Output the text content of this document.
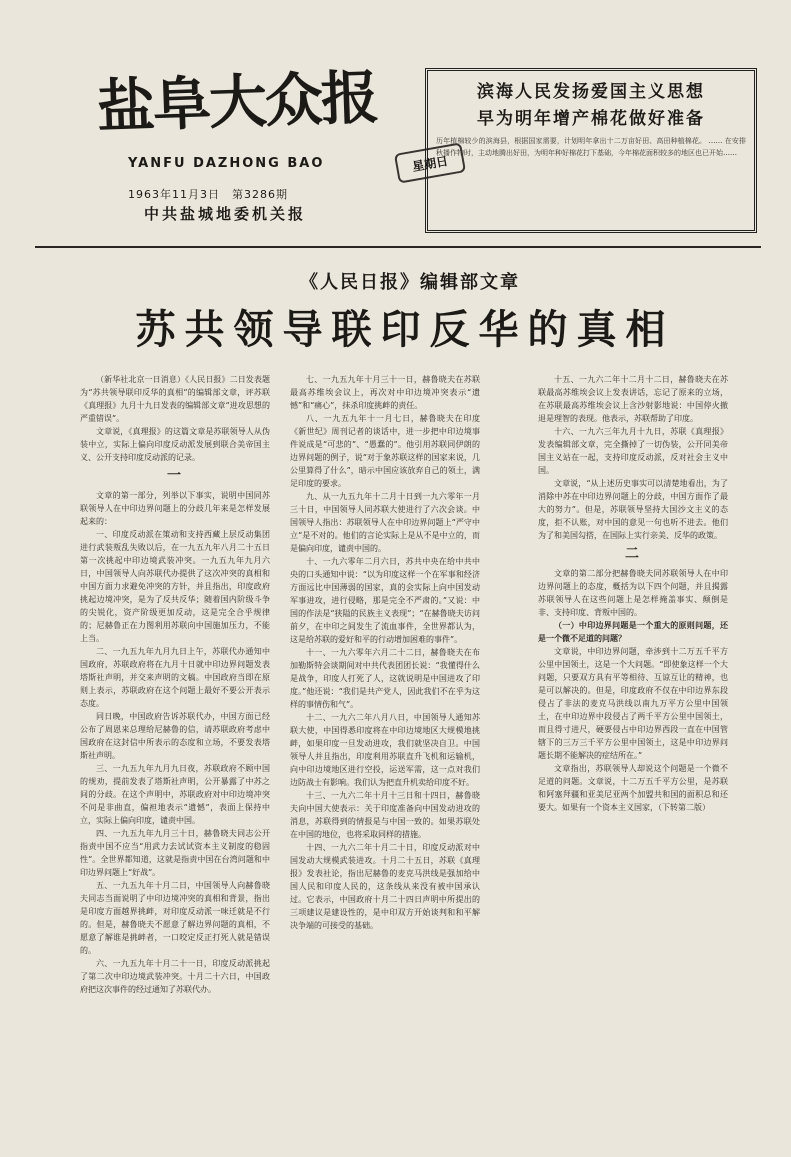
盐阜大众报
YANFU DAZHONG BAO	星期日
1963年11月3日　第3286期
中共盐城地委机关报
滨海人民发扬爱国主义思想
早为明年增产棉花做好准备
历年植棉较少的滨海县，根据国家需要，计划明年拿出十二万亩好田、高田种植棉花。 …… 在安排秋播作物时，主动地腾出好田，为明年种好棉花打下基础，今年棉花面积较多的地区也已开始……
《人民日报》编辑部文章
苏共领导联印反华的真相

（新华社北京一日消息）《人民日报》二日发表题为“苏共领导联印反华的真相”的编辑部文章，评苏联《真理报》九月十九日发表的编辑部文章“进攻思想的严重错误”。

文章说，《真理报》的这篇文章是苏联领导人从伪装中立，实际上偏向印度反动派发展到联合美帝国主义、公开支持印度反动派的记录。

一

文章的第一部分，列举以下事实，说明中国同苏联领导人在中印边界问题上的分歧几年来是怎样发展起来的：

一、印度反动派在策动和支持西藏上层反动集团进行武装叛乱失败以后，在一九五九年八月二十五日第一次挑起中印边境武装冲突。一九五九年九月六日，中国领导人向苏联代办提供了这次冲突的真相和中国方面力求避免冲突的方针，并且指出，印度政府挑起边境冲突，是为了反共反华；随着国内阶级斗争的尖锐化，资产阶级更加反动，这是完全合乎规律的；尼赫鲁正在力图利用苏联向中国施加压力，不能上当。

二、一九五九年九月九日上午，苏联代办通知中国政府，苏联政府将在九月十日就中印边界问题发表塔斯社声明，并交来声明的文稿。中国政府当即在原则上表示，苏联政府在这个问题上最好不要公开表示态度。

同日晚，中国政府告诉苏联代办，中国方面已经公布了周恩来总理给尼赫鲁的信，请苏联政府考虑中国政府在这封信中所表示的态度和立场，不要发表塔斯社声明。

三、一九五九年九月九日夜，苏联政府不顾中国的规劝，提前发表了塔斯社声明，公开暴露了中苏之间的分歧。在这个声明中，苏联政府对中印边境冲突不问是非曲直，偏袒地表示“遗憾”，表面上保持中立，实际上偏向印度，谴责中国。

四、一九五九年九月三十日，赫鲁晓夫同志公开指责中国不应当“用武力去试试资本主义制度的稳固性”。全世界都知道，这就是指责中国在台湾问题和中印边界问题上“好战”。

五、一九五九年十月二日，中国领导人向赫鲁晓夫同志当面说明了中印边境冲突的真相和背景，指出是印度方面越界挑衅，对印度反动派一味迁就是不行的。但是，赫鲁晓夫不愿意了解边界问题的真相，不愿意了解谁是挑衅者，一口咬定反正打死人就是错误的。

六、一九五九年十月二十一日，印度反动派挑起了第二次中印边境武装冲突。十月二十六日，中国政府把这次事件的经过通知了苏联代办。

七、一九五九年十月三十一日，赫鲁晓夫在苏联最高苏维埃会议上，再次对中印边境冲突表示“遗憾”和“痛心”，抹杀印度挑衅的责任。

八、一九五九年十一月七日，赫鲁晓夫在印度《新世纪》周刊记者的谈话中，进一步把中印边境事件说成是“可悲的”、“愚蠢的”。他引用苏联同伊朗的边界问题的例子，说“对于象苏联这样的国家来说，几公里算得了什么”，暗示中国应该放弃自己的领土，满足印度的要求。

九、从一九五九年十二月十日到一九六零年一月三十日，中国领导人同苏联大使进行了六次会谈。中国领导人指出：苏联领导人在中印边界问题上“严守中立”是不对的。他们的言论实际上是从不是中立的，而是偏向印度，谴责中国的。

十、一九六零年二月六日，苏共中央在给中共中央的口头通知中说：“以为印度这样一个在军事和经济方面远比中国薄弱的国家，真的会实际上向中国发动军事进攻，进行侵略，那是完全不严肃的。”又说：中国的作法是“狭隘的民族主义表现”；“在赫鲁晓夫访问前夕，在中印之间发生了流血事件，全世界都认为，这是给苏联的爱好和平的行动增加困难的事件”。

十一、一九六零年六月二十二日，赫鲁晓夫在布加勒斯特会谈期间对中共代表团团长说：“我懂得什么是战争，印度人打死了人，这就说明是中国进攻了印度。”他还说：“我们是共产党人，因此我们不在乎为这样的事情伤和气”。

十二、一九六二年八月八日，中国领导人通知苏联大使，中国得悉印度将在中印边境地区大规模地挑衅，如果印度一旦发动进攻，我们就坚决自卫。中国领导人并且指出，印度利用苏联直升飞机和运输机，向中印边境地区进行空投，运送军需，这一点对我们边防战士有影响。我们认为把直升机卖给印度不好。

十三、一九六二年十月十三日和十四日，赫鲁晓夫向中国大使表示：关于印度准备向中国发动进攻的消息，苏联得到的情报是与中国一致的。如果苏联处在中国的地位，也将采取同样的措施。

十四、一九六二年十月二十日，印度反动派对中国发动大规模武装进攻。十月二十五日，苏联《真理报》发表社论，指出尼赫鲁的麦克马洪线是强加给中国人民和印度人民的，这条线从来没有被中国承认过。它表示，中国政府十月二十四日声明中所提出的三项建议是建设性的，是中印双方开始谈判和和平解决争端的可接受的基础。

十五、一九六二年十二月十二日，赫鲁晓夫在苏联最高苏维埃会议上发表讲话，忘记了原来的立场，在苏联最高苏维埃会议上含沙射影地说：中国停火撤退是理智的表现。他表示，苏联帮助了印度。

十六、一九六三年九月十九日，苏联《真理报》发表编辑部文章，完全撕掉了一切伪装，公开同美帝国主义站在一起，支持印度反动派，反对社会主义中国。

文章说，“从上述历史事实可以清楚地看出，为了消除中苏在中印边界问题上的分歧，中国方面作了最大的努力”。但是，苏联领导坚持大国沙文主义的态度，拒不认账，对中国的意见一句也听不进去。他们为了和美国勾搭，在国际上实行亲美、反华的政策。

二

文章的第二部分把赫鲁晓夫同苏联领导人在中印边界问题上的态度，概括为以下四个问题，并且揭露苏联领导人在这些问题上是怎样掩盖事实、颠倒是非、支持印度、背叛中国的。

（一）中印边界问题是一个重大的原则问题，还是一个微不足道的问题？

文章说，中印边界问题，牵涉到十二万五千平方公里中国领土，这是一个大问题。“即使象这样一个大问题，只要双方具有平等相待、互谅互让的精神，也是可以解决的。但是，印度政府不仅在中印边界东段侵占了非法的麦克马洪线以南九万平方公里中国领土，在中印边界中段侵占了两千平方公里中国领土，而且得寸进尺，硬要侵占中印边界西段一直在中国管辖下的三万三千平方公里中国领土，这是中印边界问题长期不能解决的症结所在。”

文章指出，苏联领导人却说这个问题是一个微不足道的问题。文章说，十二万五千平方公里，是苏联和阿塞拜疆和亚美尼亚两个加盟共和国的面积总和还要大。如果有一个资本主义国家，（下转第二版）
